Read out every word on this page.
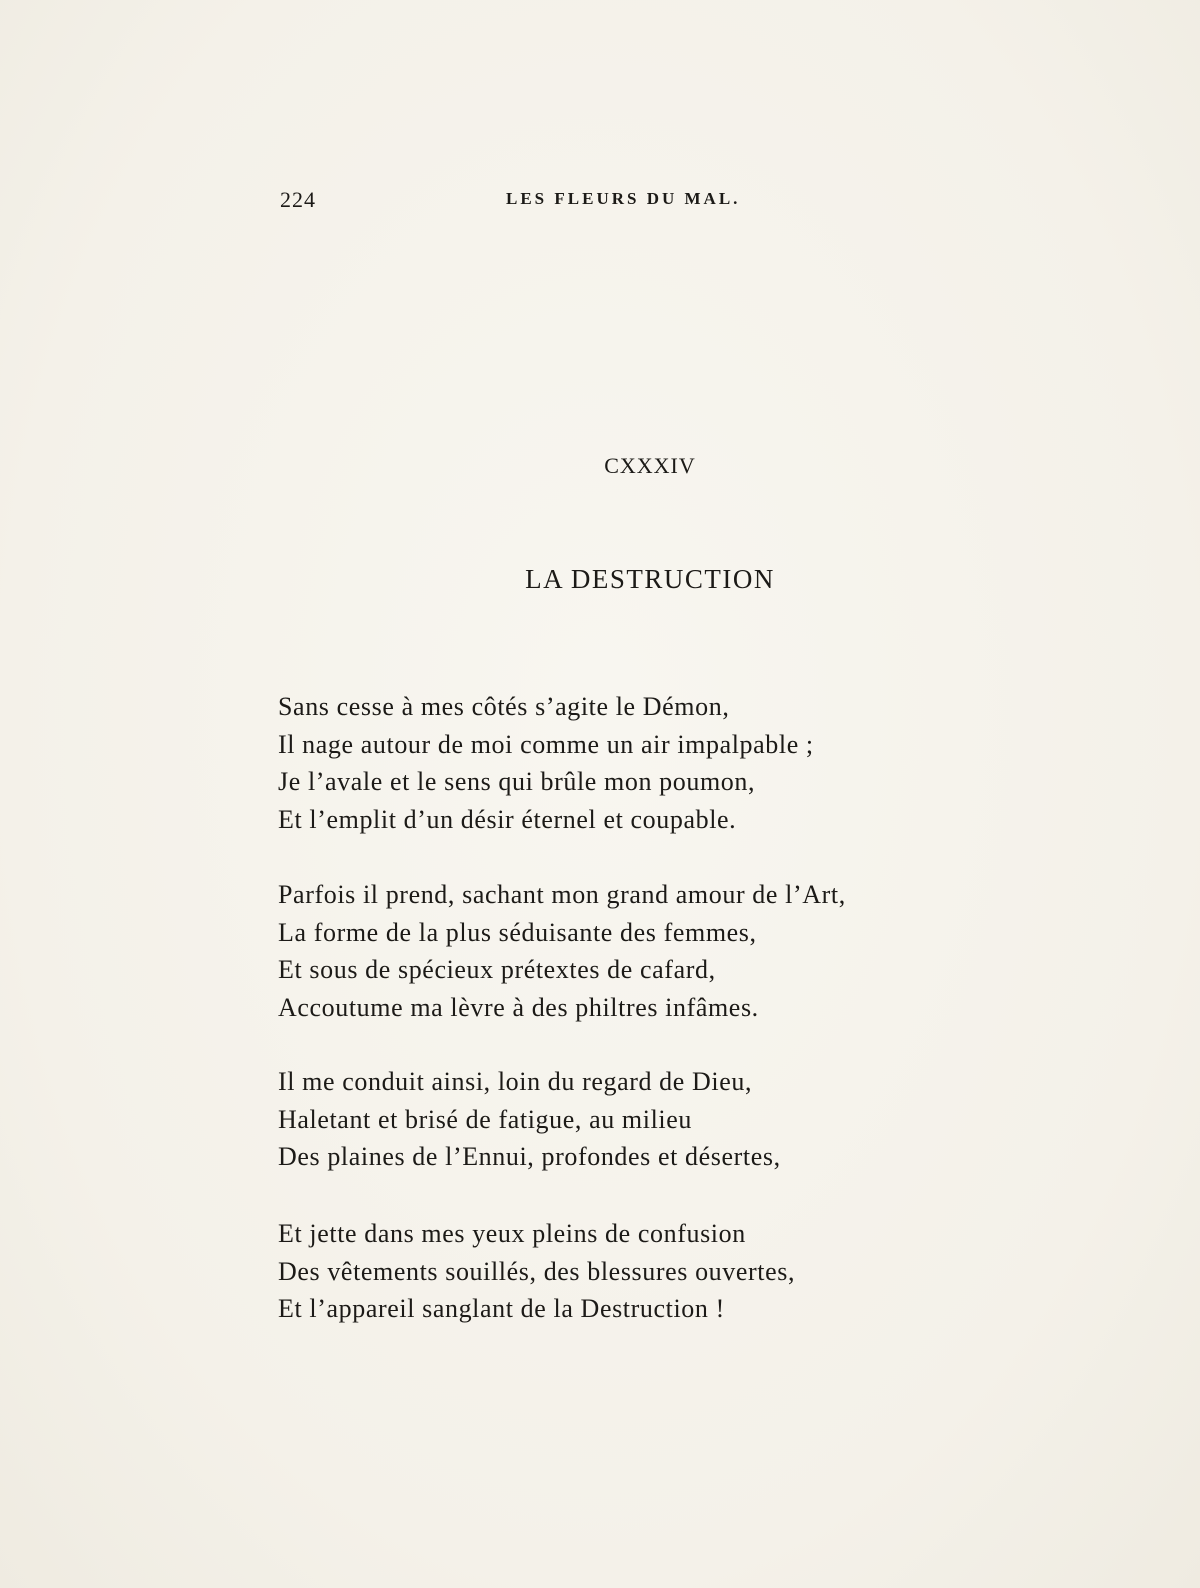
224	LES FLEURS DU MAL.
CXXXIV
LA DESTRUCTION
Sans cesse à mes côtés s’agite le Démon,
Il nage autour de moi comme un air impalpable ;
Je l’avale et le sens qui brûle mon poumon,
Et l’emplit d’un désir éternel et coupable.
Parfois il prend, sachant mon grand amour de l’Art,
La forme de la plus séduisante des femmes,
Et sous de spécieux prétextes de cafard,
Accoutume ma lèvre à des philtres infâmes.
Il me conduit ainsi, loin du regard de Dieu,
Haletant et brisé de fatigue, au milieu
Des plaines de l’Ennui, profondes et désertes,
Et jette dans mes yeux pleins de confusion
Des vêtements souillés, des blessures ouvertes,
Et l’appareil sanglant de la Destruction !
